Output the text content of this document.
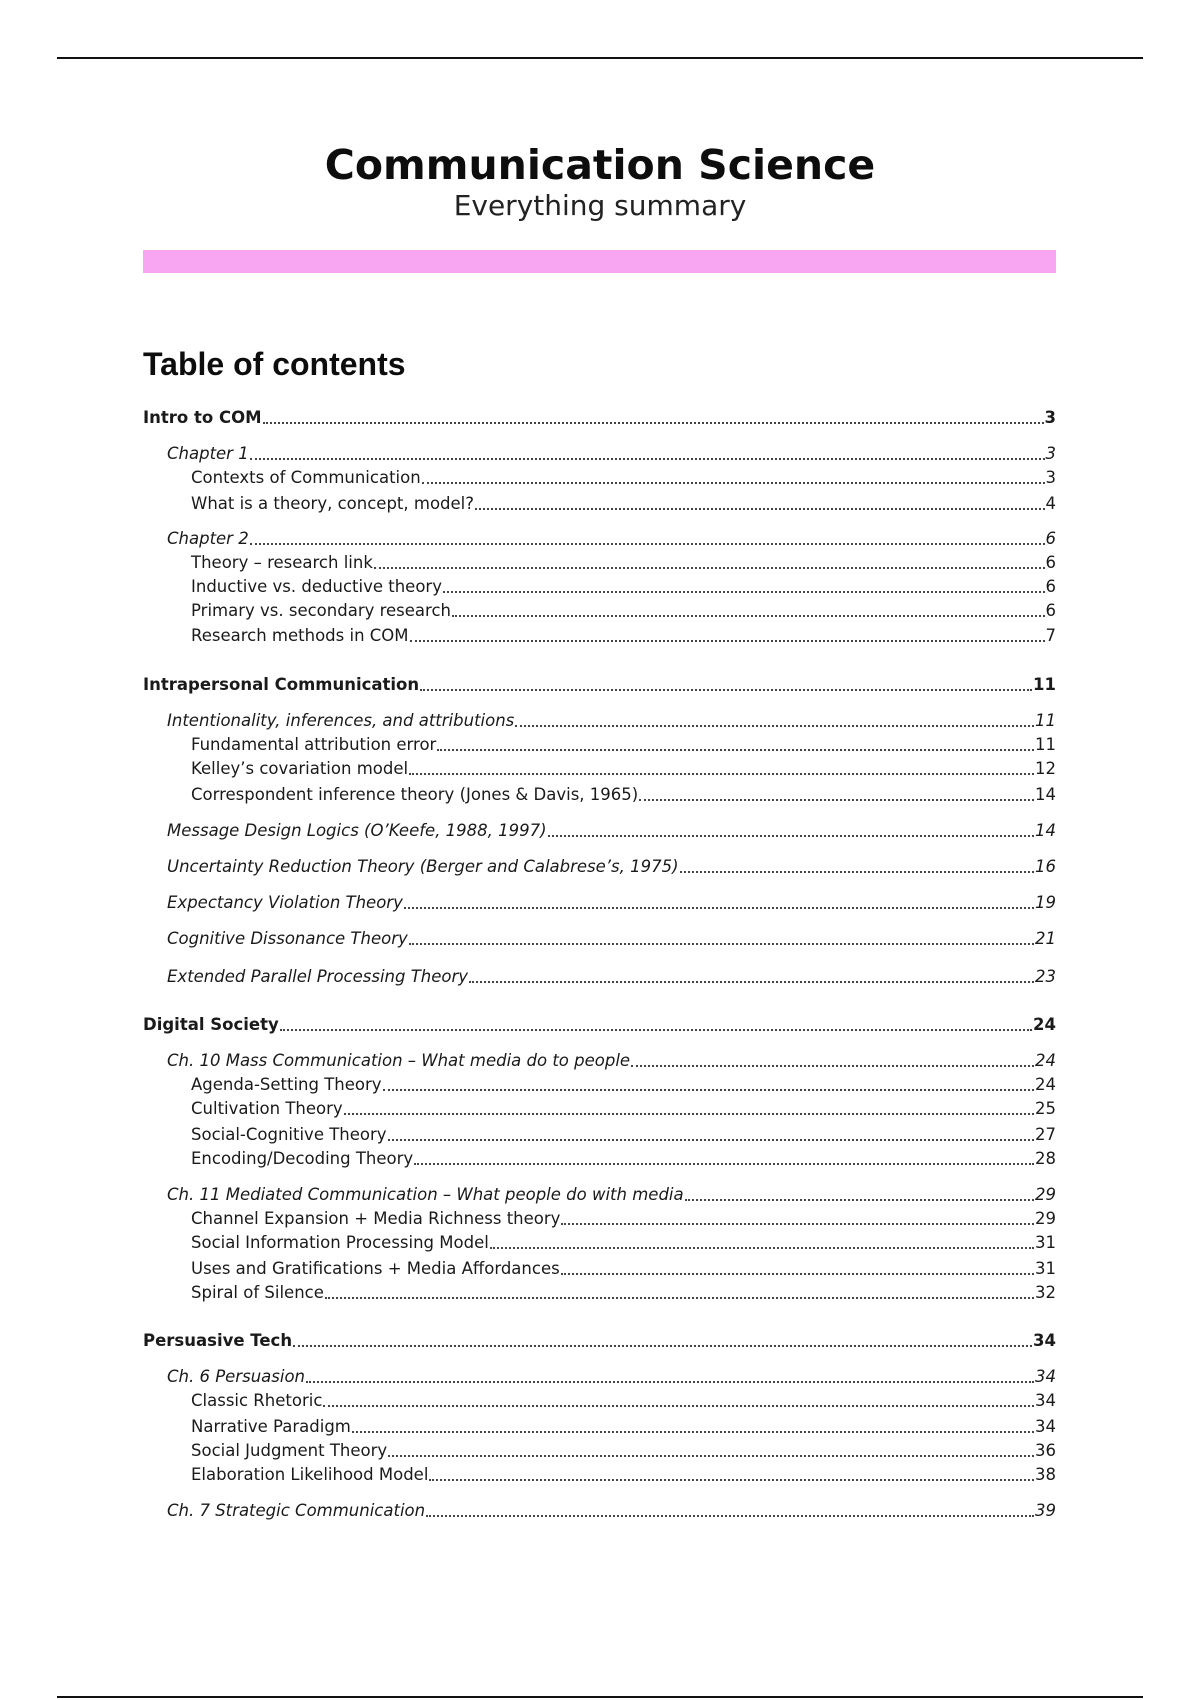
Communication Science
Everything summary
Table of contents
Intro to COM	3
Chapter 1	3
Contexts of Communication	3
What is a theory, concept, model?	4
Chapter 2	6
Theory – research link	6
Inductive vs. deductive theory	6
Primary vs. secondary research	6
Research methods in COM	7
Intrapersonal Communication	11
Intentionality, inferences, and attributions	11
Fundamental attribution error	11
Kelley’s covariation model	12
Correspondent inference theory (Jones & Davis, 1965)	14
Message Design Logics (O’Keefe, 1988, 1997)	14
Uncertainty Reduction Theory (Berger and Calabrese’s, 1975)	16
Expectancy Violation Theory	19
Cognitive Dissonance Theory	21
Extended Parallel Processing Theory	23
Digital Society	24
Ch. 10 Mass Communication – What media do to people	24
Agenda-Setting Theory	24
Cultivation Theory	25
Social-Cognitive Theory	27
Encoding/Decoding Theory	28
Ch. 11 Mediated Communication – What people do with media	29
Channel Expansion + Media Richness theory	29
Social Information Processing Model	31
Uses and Gratifications + Media Affordances	31
Spiral of Silence	32
Persuasive Tech	34
Ch. 6 Persuasion	34
Classic Rhetoric	34
Narrative Paradigm	34
Social Judgment Theory	36
Elaboration Likelihood Model	38
Ch. 7 Strategic Communication	39
